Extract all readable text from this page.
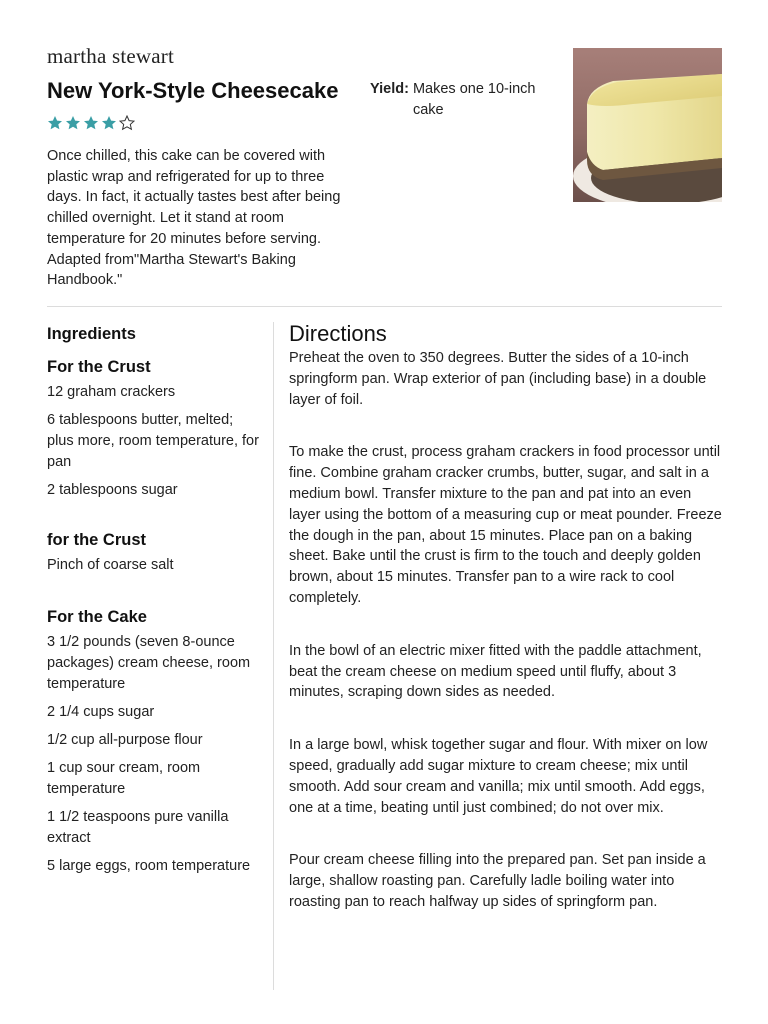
martha stewart
New York-Style Cheesecake

Once chilled, this cake can be covered with plastic wrap and refrigerated for up to three days. In fact, it actually tastes best after being chilled overnight. Let it stand at room temperature for 20 minutes before serving. Adapted from"Martha Stewart's Baking Handbook."

Yield: Makes one 10-inch cake
Ingredients
For the Crust
12 graham crackers
6 tablespoons butter, melted; plus more, room temperature, for pan
2 tablespoons sugar
for the Crust
Pinch of coarse salt
For the Cake
3 1/2 pounds (seven 8-ounce packages) cream cheese, room temperature
2 1/4 cups sugar
1/2 cup all-purpose flour
1 cup sour cream, room temperature
1 1/2 teaspoons pure vanilla extract
5 large eggs, room temperature
Directions
Preheat the oven to 350 degrees. Butter the sides of a 10-inch springform pan. Wrap exterior of pan (including base) in a double layer of foil.
To make the crust, process graham crackers in food processor until fine. Combine graham cracker crumbs, butter, sugar, and salt in a medium bowl. Transfer mixture to the pan and pat into an even layer using the bottom of a measuring cup or meat pounder. Freeze the dough in the pan, about 15 minutes. Place pan on a baking sheet. Bake until the crust is firm to the touch and deeply golden brown, about 15 minutes. Transfer pan to a wire rack to cool completely.
In the bowl of an electric mixer fitted with the paddle attachment, beat the cream cheese on medium speed until fluffy, about 3 minutes, scraping down sides as needed.
In a large bowl, whisk together sugar and flour. With mixer on low speed, gradually add sugar mixture to cream cheese; mix until smooth. Add sour cream and vanilla; mix until smooth. Add eggs, one at a time, beating until just combined; do not over mix.
Pour cream cheese filling into the prepared pan. Set pan inside a large, shallow roasting pan. Carefully ladle boiling water into roasting pan to reach halfway up sides of springform pan.
